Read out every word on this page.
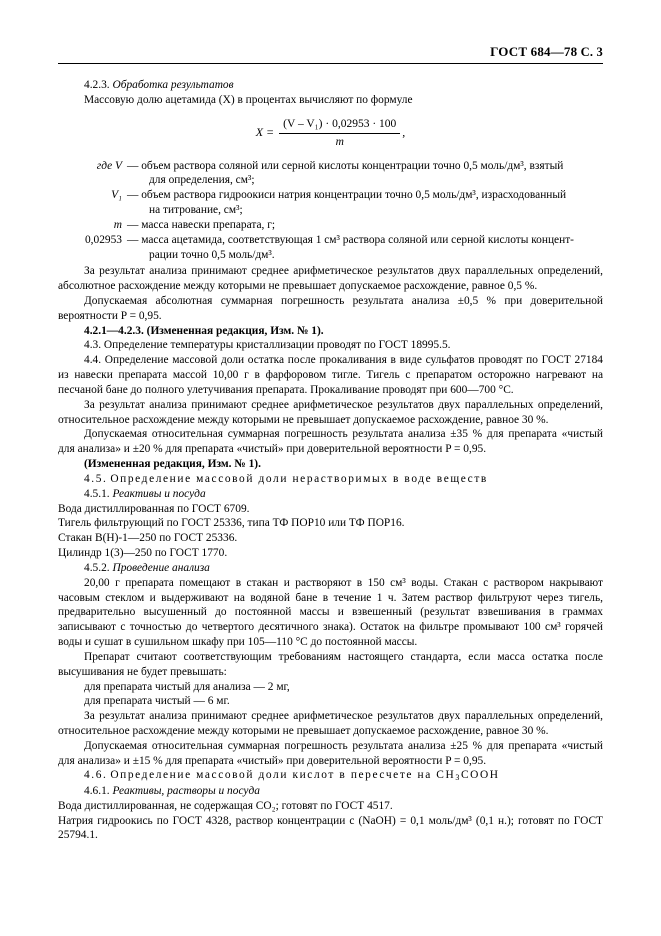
ГОСТ 684—78 С. 3

4.2.3. Обработка результатов

Массовую долю ацетамида (X) в процентах вычисляют по формуле

$X = \frac{\text{(V – V₁) · 0,02953 · 100}}{m}$ ,
где V — объем раствора соляной или серной кислоты концентрации точно 0,5 моль/дм³, взятый
для определения, см³;
V₁ — объем раствора гидроокиси натрия концентрации точно 0,5 моль/дм³, израсходованный
на титрование, см³;
m — масса навески препарата, г;
0,02953 — масса ацетамида, соответствующая 1 см³ раствора соляной или серной кислоты концент-
рации точно 0,5 моль/дм³.

За результат анализа принимают среднее арифметическое результатов двух параллельных определений, абсолютное расхождение между которыми не превышает допускаемое расхождение, равное 0,5 %.

Допускаемая абсолютная суммарная погрешность результата анализа ±0,5 % при доверительной вероятности P = 0,95.

4.2.1—4.2.3. (Измененная редакция, Изм. № 1).

4.3. Определение температуры кристаллизации проводят по ГОСТ 18995.5.

4.4. Определение массовой доли остатка после прокаливания в виде сульфатов проводят по ГОСТ 27184 из навески препарата массой 10,00 г в фарфоровом тигле. Тигель с препаратом осторожно нагревают на песчаной бане до полного улетучивания препарата. Прокаливание проводят при 600—700 °С.

За результат анализа принимают среднее арифметическое результатов двух параллельных определений, относительное расхождение между которыми не превышает допускаемое расхождение, равное 30 %.

Допускаемая относительная суммарная погрешность результата анализа ±35 % для препарата «чистый для анализа» и ±20 % для препарата «чистый» при доверительной вероятности P = 0,95.

(Измененная редакция, Изм. № 1).

4.5. Определение массовой доли нерастворимых в воде веществ

4.5.1. Реактивы и посуда

Вода дистиллированная по ГОСТ 6709.

Тигель фильтрующий по ГОСТ 25336, типа ТФ ПОР10 или ТФ ПОР16.

Стакан В(Н)-1—250 по ГОСТ 25336.

Цилиндр 1(3)—250 по ГОСТ 1770.

4.5.2. Проведение анализа

20,00 г препарата помещают в стакан и растворяют в 150 см³ воды. Стакан с раствором накрывают часовым стеклом и выдерживают на водяной бане в течение 1 ч. Затем раствор фильтруют через тигель, предварительно высушенный до постоянной массы и взвешенный (результат взвешивания в граммах записывают с точностью до четвертого десятичного знака). Остаток на фильтре промывают 100 см³ горячей воды и сушат в сушильном шкафу при 105—110 °С до постоянной массы.

Препарат считают соответствующим требованиям настоящего стандарта, если масса остатка после высушивания не будет превышать:

для препарата чистый для анализа — 2 мг,

для препарата чистый — 6 мг.

За результат анализа принимают среднее арифметическое результатов двух параллельных определений, относительное расхождение между которыми не превышает допускаемое расхождение, равное 30 %.

Допускаемая относительная суммарная погрешность результата анализа ±25 % для препарата «чистый для анализа» и ±15 % для препарата «чистый» при доверительной вероятности P = 0,95.

4.6. Определение массовой доли кислот в пересчете на $CH_3COOH$

4.6.1. Реактивы, растворы и посуда

Вода дистиллированная, не содержащая CO₂; готовят по ГОСТ 4517.

Натрия гидроокись по ГОСТ 4328, раствор концентрации c (NaOH) = 0,1 моль/дм³ (0,1 н.); готовят по ГОСТ 25794.1.
